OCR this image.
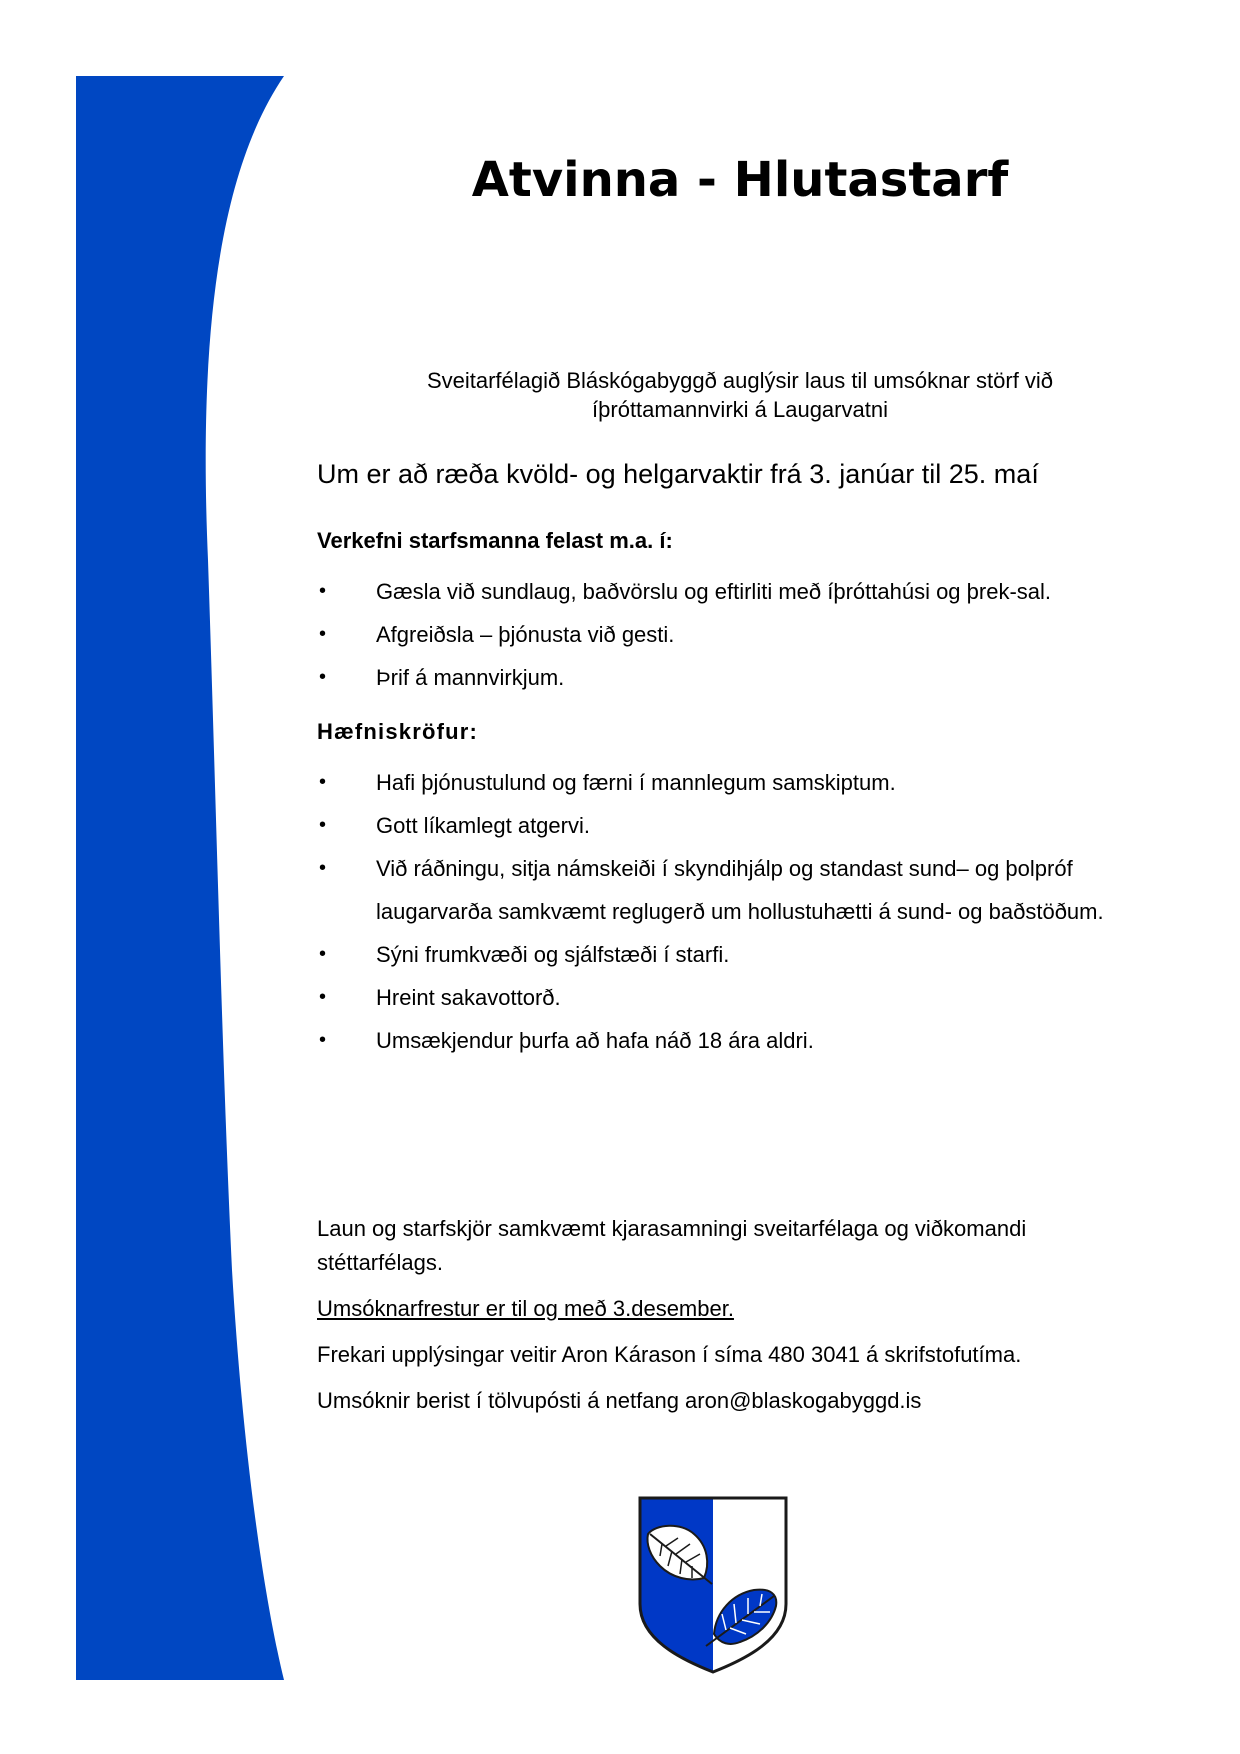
Atvinna - Hlutastarf

Sveitarfélagið Bláskógabyggð auglýsir laus til umsóknar störf við

íþróttamannvirki á Laugarvatni

Um er að ræða kvöld- og helgarvaktir frá 3. janúar til 25. maí

Verkefni starfsmanna felast m.a. í:

•	Gæsla við sundlaug, baðvörslu og eftirliti með íþróttahúsi og þrek-sal.
•	Afgreiðsla – þjónusta við gesti.
•	Þrif á mannvirkjum.

Hæfniskröfur:

•	Hafi þjónustulund og færni í mannlegum samskiptum.
•	Gott líkamlegt atgervi.
•	Við ráðningu, sitja námskeiði í skyndihjálp og standast sund– og þolpróf laugarvarða samkvæmt reglugerð um hollustuhætti á sund- og baðstöðum.
•	Sýni frumkvæði og sjálfstæði í starfi.
•	Hreint sakavottorð.
•	Umsækjendur þurfa að hafa náð 18 ára aldri.

Laun og starfskjör samkvæmt kjarasamningi sveitarfélaga og viðkomandi stéttarfélags.

Umsóknarfrestur er til og með 3.desember.

Frekari upplýsingar veitir Aron Kárason í síma 480 3041 á skrifstofutíma.

Umsóknir berist í tölvupósti á netfang aron@blaskogabyggd.is
